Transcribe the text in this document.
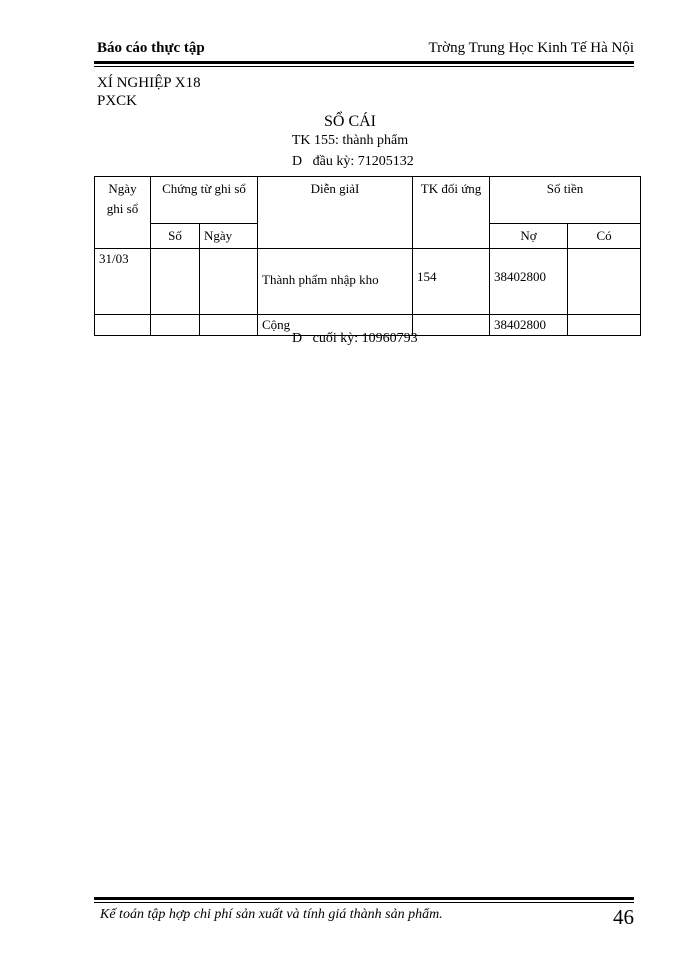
Báo cáo thực tập	Trờng Trung Học Kinh Tế Hà Nội
XÍ NGHIỆP X18
PXCK
SỔ CÁI
TK 155: thành phẩm
D   đầu kỳ: 71205132
Ngày ghi sổ	Chứng từ ghi sổ		Diễn giảI	TK đối ứng	Số tiền	
	Số	Ngày			Nợ	Có
31/03			Thành phẩm nhập kho	154	38402800	
			Cộng		38402800	
D   cuối kỳ: 10960793
Kế toán tập hợp chi phí sản xuất và tính giá thành sản phẩm.	46
